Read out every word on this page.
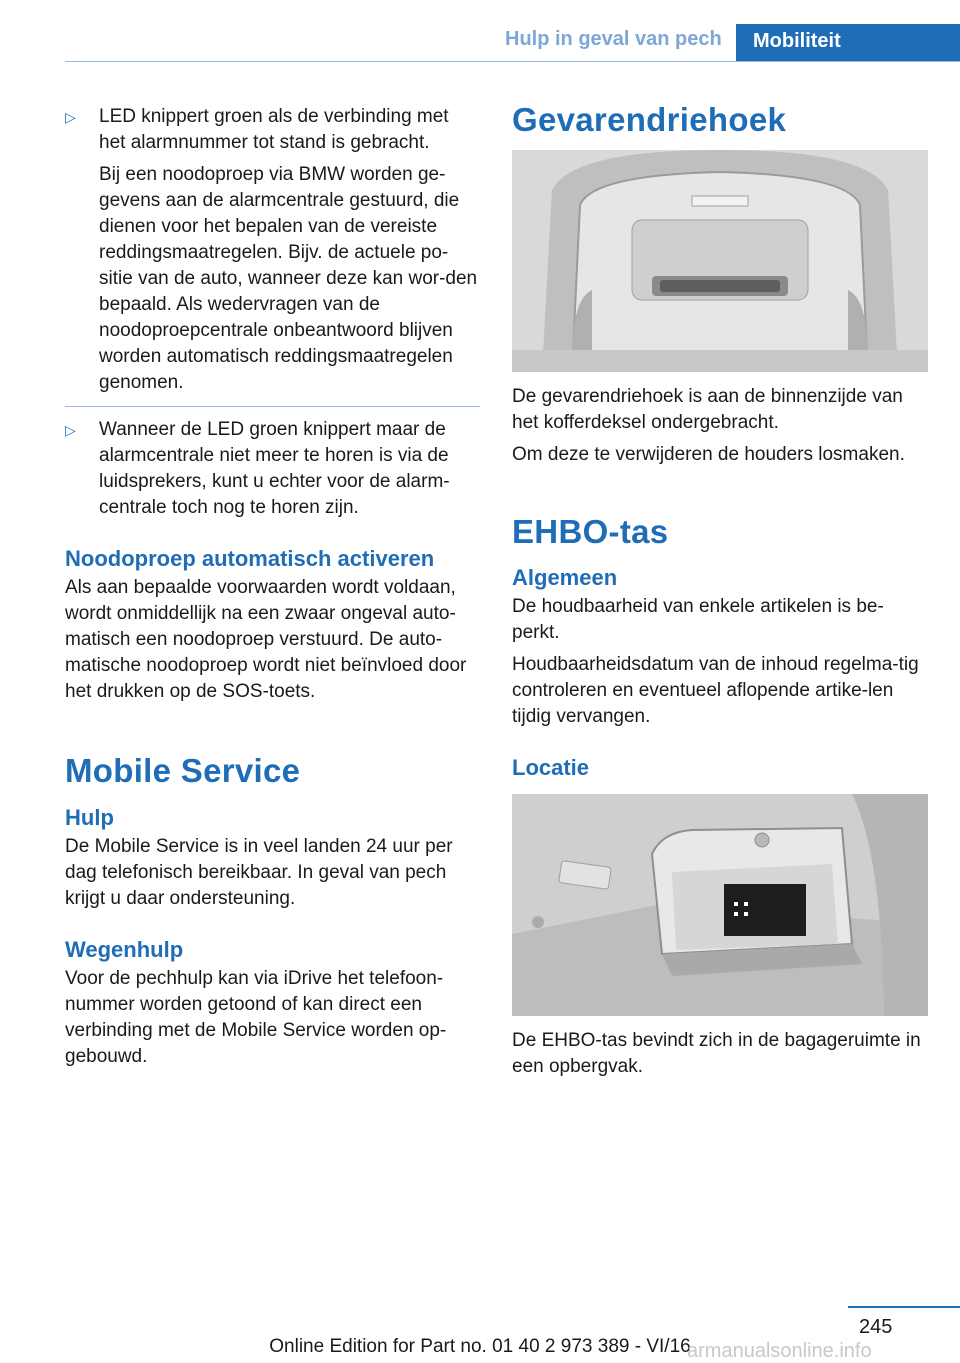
Hulp in geval van pech	Mobiliteit
▷ LED knippert groen als de verbinding met het alarmnummer tot stand is gebracht.

Bij een noodoproep via BMW worden ge-gevens aan de alarmcentrale gestuurd, die dienen voor het bepalen van de vereiste reddingsmaatregelen. Bijv. de actuele po-sitie van de auto, wanneer deze kan wor-den bepaald. Als wedervragen van de noodoproepcentrale onbeantwoord blijven worden automatisch reddingsmaatregelen genomen.

▷ Wanneer de LED groen knippert maar de alarmcentrale niet meer te horen is via de luidsprekers, kunt u echter voor de alarm-centrale toch nog te horen zijn.

Noodoproep automatisch activeren

Als aan bepaalde voorwaarden wordt voldaan, wordt onmiddellijk na een zwaar ongeval auto-matisch een noodoproep verstuurd. De auto-matische noodoproep wordt niet beïnvloed door het drukken op de SOS-toets.

Mobile Service
Hulp

De Mobile Service is in veel landen 24 uur per dag telefonisch bereikbaar. In geval van pech krijgt u daar ondersteuning.

Wegenhulp

Voor de pechhulp kan via iDrive het telefoon-nummer worden getoond of kan direct een verbinding met de Mobile Service worden op-gebouwd.

Gevarendriehoek

De gevarendriehoek is aan de binnenzijde van het kofferdeksel ondergebracht.

Om deze te verwijderen de houders losmaken.

EHBO-tas
Algemeen

De houdbaarheid van enkele artikelen is be-perkt.

Houdbaarheidsdatum van de inhoud regelma-tig controleren en eventueel aflopende artike-len tijdig vervangen.

Locatie

De EHBO-tas bevindt zich in de bagageruimte in een opbergvak.

245
Online Edition for Part no. 01 40 2 973 389 - VI/16
armanualsonline.info
